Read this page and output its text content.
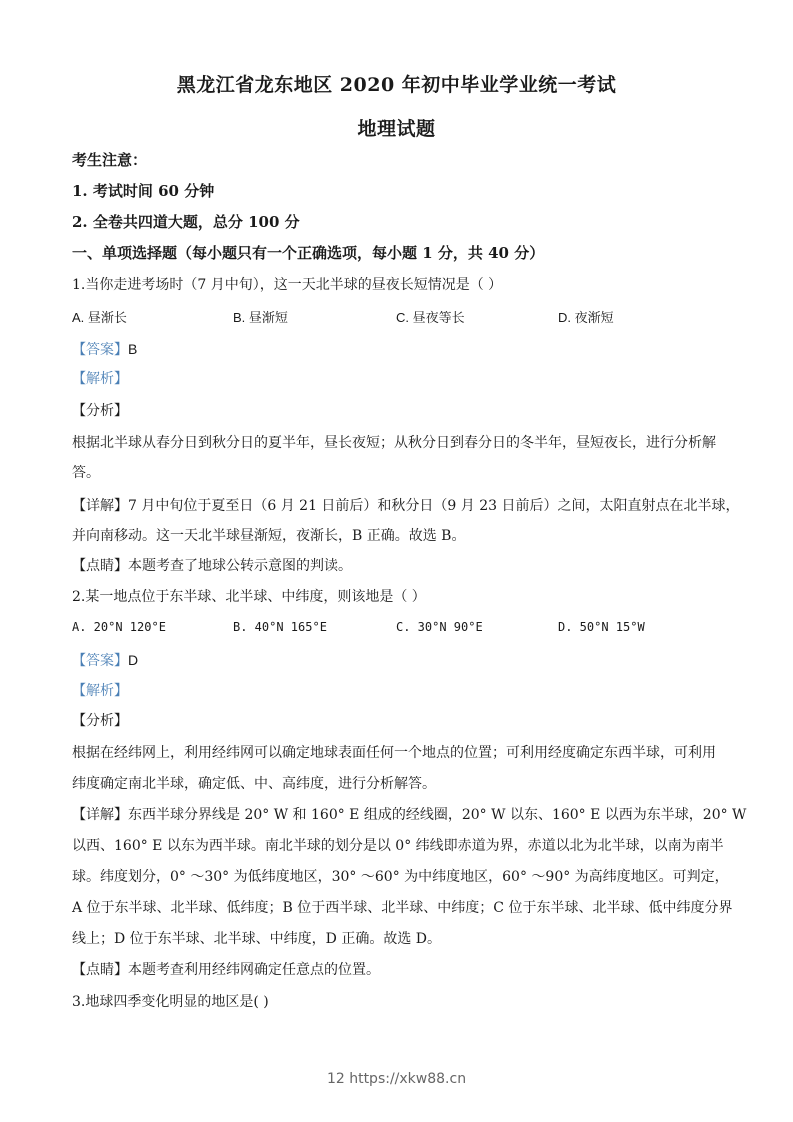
黑龙江省龙东地区 2020 年初中毕业学业统一考试
地理试题
考生注意：
1. 考试时间 60 分钟
2. 全卷共四道大题，总分 100 分
一、单项选择题（每小题只有一个正确选项，每小题 1 分，共 40 分）
1.当你走进考场时（7 月中旬），这一天北半球的昼夜长短情况是（ ）
A. 昼渐长	B. 昼渐短	C. 昼夜等长	D. 夜渐短
【答案】B
【解析】
【分析】
根据北半球从春分日到秋分日的夏半年，昼长夜短；从秋分日到春分日的冬半年，昼短夜长，进行分析解
答。
【详解】7 月中旬位于夏至日（6 月 21 日前后）和秋分日（9 月 23 日前后）之间，太阳直射点在北半球，
并向南移动。这一天北半球昼渐短，夜渐长，B 正确。故选 B。
【点睛】本题考查了地球公转示意图的判读。
2.某一地点位于东半球、北半球、中纬度，则该地是（ ）
A. 20°N 120°E	B. 40°N 165°E	C. 30°N 90°E	D. 50°N 15°W
【答案】D
【解析】
【分析】
根据在经纬网上，利用经纬网可以确定地球表面任何一个地点的位置；可利用经度确定东西半球，可利用
纬度确定南北半球，确定低、中、高纬度，进行分析解答。
【详解】东西半球分界线是 20° W 和 160° E 组成的经线圈，20° W 以东、160° E 以西为东半球，20° W
以西、160° E 以东为西半球。南北半球的划分是以 0° 纬线即赤道为界，赤道以北为北半球，以南为南半
球。纬度划分，0° ～30° 为低纬度地区，30° ～60° 为中纬度地区，60° ～90° 为高纬度地区。可判定，
A 位于东半球、北半球、低纬度；B 位于西半球、北半球、中纬度；C 位于东半球、北半球、低中纬度分界
线上；D 位于东半球、北半球、中纬度，D 正确。故选 D。
【点睛】本题考查利用经纬网确定任意点的位置。
3.地球四季变化明显的地区是( )
12 https://xkw88.cn
